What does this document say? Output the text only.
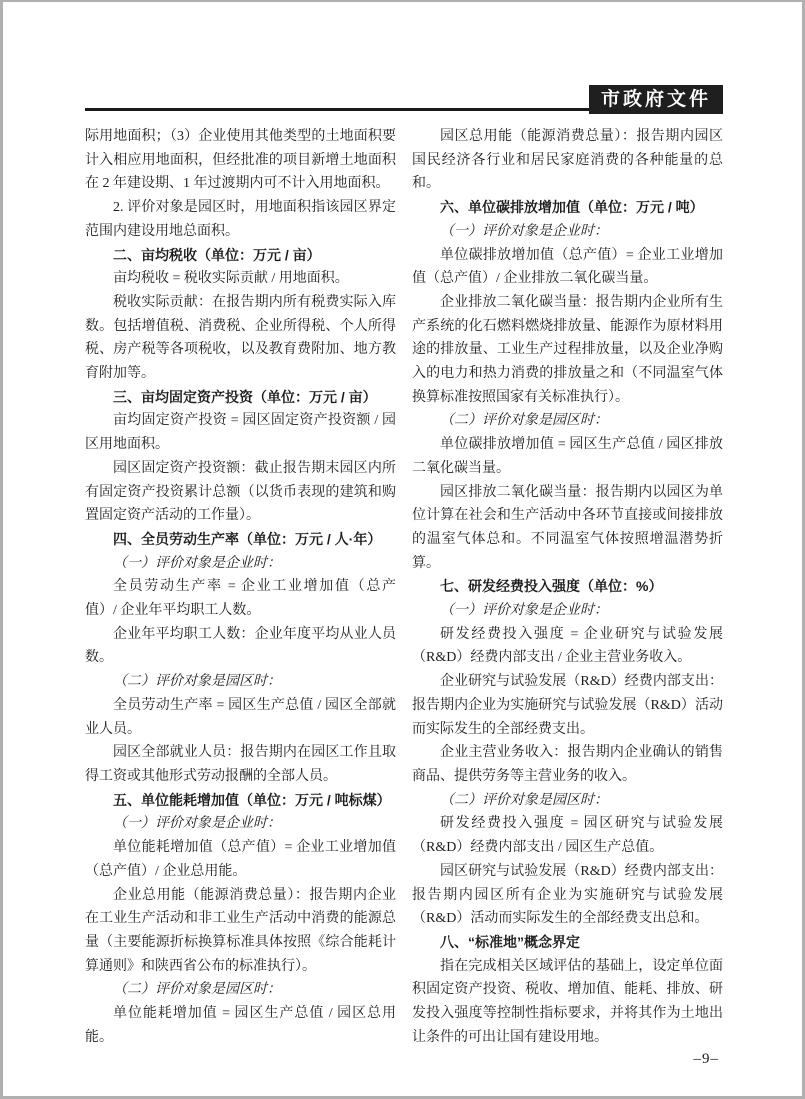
市政府文件

际用地面积；（3）企业使用其他类型的土地面积要计入相应用地面积，但经批准的项目新增土地面积在 2 年建设期、1 年过渡期内可不计入用地面积。

2. 评价对象是园区时，用地面积指该园区界定范围内建设用地总面积。

二、亩均税收（单位：万元 / 亩）

亩均税收 = 税收实际贡献 / 用地面积。

税收实际贡献：在报告期内所有税费实际入库数。包括增值税、消费税、企业所得税、个人所得税、房产税等各项税收，以及教育费附加、地方教育附加等。

三、亩均固定资产投资（单位：万元 / 亩）

亩均固定资产投资 = 园区固定资产投资额 / 园区用地面积。

园区固定资产投资额：截止报告期末园区内所有固定资产投资累计总额（以货币表现的建筑和购置固定资产活动的工作量）。

四、全员劳动生产率（单位：万元 / 人·年）

（一）评价对象是企业时：

全员劳动生产率 = 企业工业增加值（总产值）/ 企业年平均职工人数。

企业年平均职工人数：企业年度平均从业人员数。

（二）评价对象是园区时：

全员劳动生产率 = 园区生产总值 / 园区全部就业人员。

园区全部就业人员：报告期内在园区工作且取得工资或其他形式劳动报酬的全部人员。

五、单位能耗增加值（单位：万元 / 吨标煤）

（一）评价对象是企业时：

单位能耗增加值（总产值）= 企业工业增加值（总产值）/ 企业总用能。

企业总用能（能源消费总量）：报告期内企业在工业生产活动和非工业生产活动中消费的能源总量（主要能源折标换算标准具体按照《综合能耗计算通则》和陕西省公布的标准执行）。

（二）评价对象是园区时：

单位能耗增加值 = 园区生产总值 / 园区总用能。

园区总用能（能源消费总量）：报告期内园区国民经济各行业和居民家庭消费的各种能量的总和。

六、单位碳排放增加值（单位：万元 / 吨）

（一）评价对象是企业时：

单位碳排放增加值（总产值）= 企业工业增加值（总产值）/ 企业排放二氧化碳当量。

企业排放二氧化碳当量：报告期内企业所有生产系统的化石燃料燃烧排放量、能源作为原材料用途的排放量、工业生产过程排放量，以及企业净购入的电力和热力消费的排放量之和（不同温室气体换算标准按照国家有关标准执行）。

（二）评价对象是园区时：

单位碳排放增加值 = 园区生产总值 / 园区排放二氧化碳当量。

园区排放二氧化碳当量：报告期内以园区为单位计算在社会和生产活动中各环节直接或间接排放的温室气体总和。不同温室气体按照增温潜势折算。

七、研发经费投入强度（单位：%）

（一）评价对象是企业时：

研发经费投入强度 = 企业研究与试验发展（R&D）经费内部支出 / 企业主营业务收入。

企业研究与试验发展（R&D）经费内部支出：报告期内企业为实施研究与试验发展（R&D）活动而实际发生的全部经费支出。

企业主营业务收入：报告期内企业确认的销售商品、提供劳务等主营业务的收入。

（二）评价对象是园区时：

研发经费投入强度 = 园区研究与试验发展（R&D）经费内部支出 / 园区生产总值。

园区研究与试验发展（R&D）经费内部支出：报告期内园区所有企业为实施研究与试验发展（R&D）活动而实际发生的全部经费支出总和。

八、“标准地”概念界定

指在完成相关区域评估的基础上，设定单位面积固定资产投资、税收、增加值、能耗、排放、研发投入强度等控制性指标要求，并将其作为土地出让条件的可出让国有建设用地。

–9–
